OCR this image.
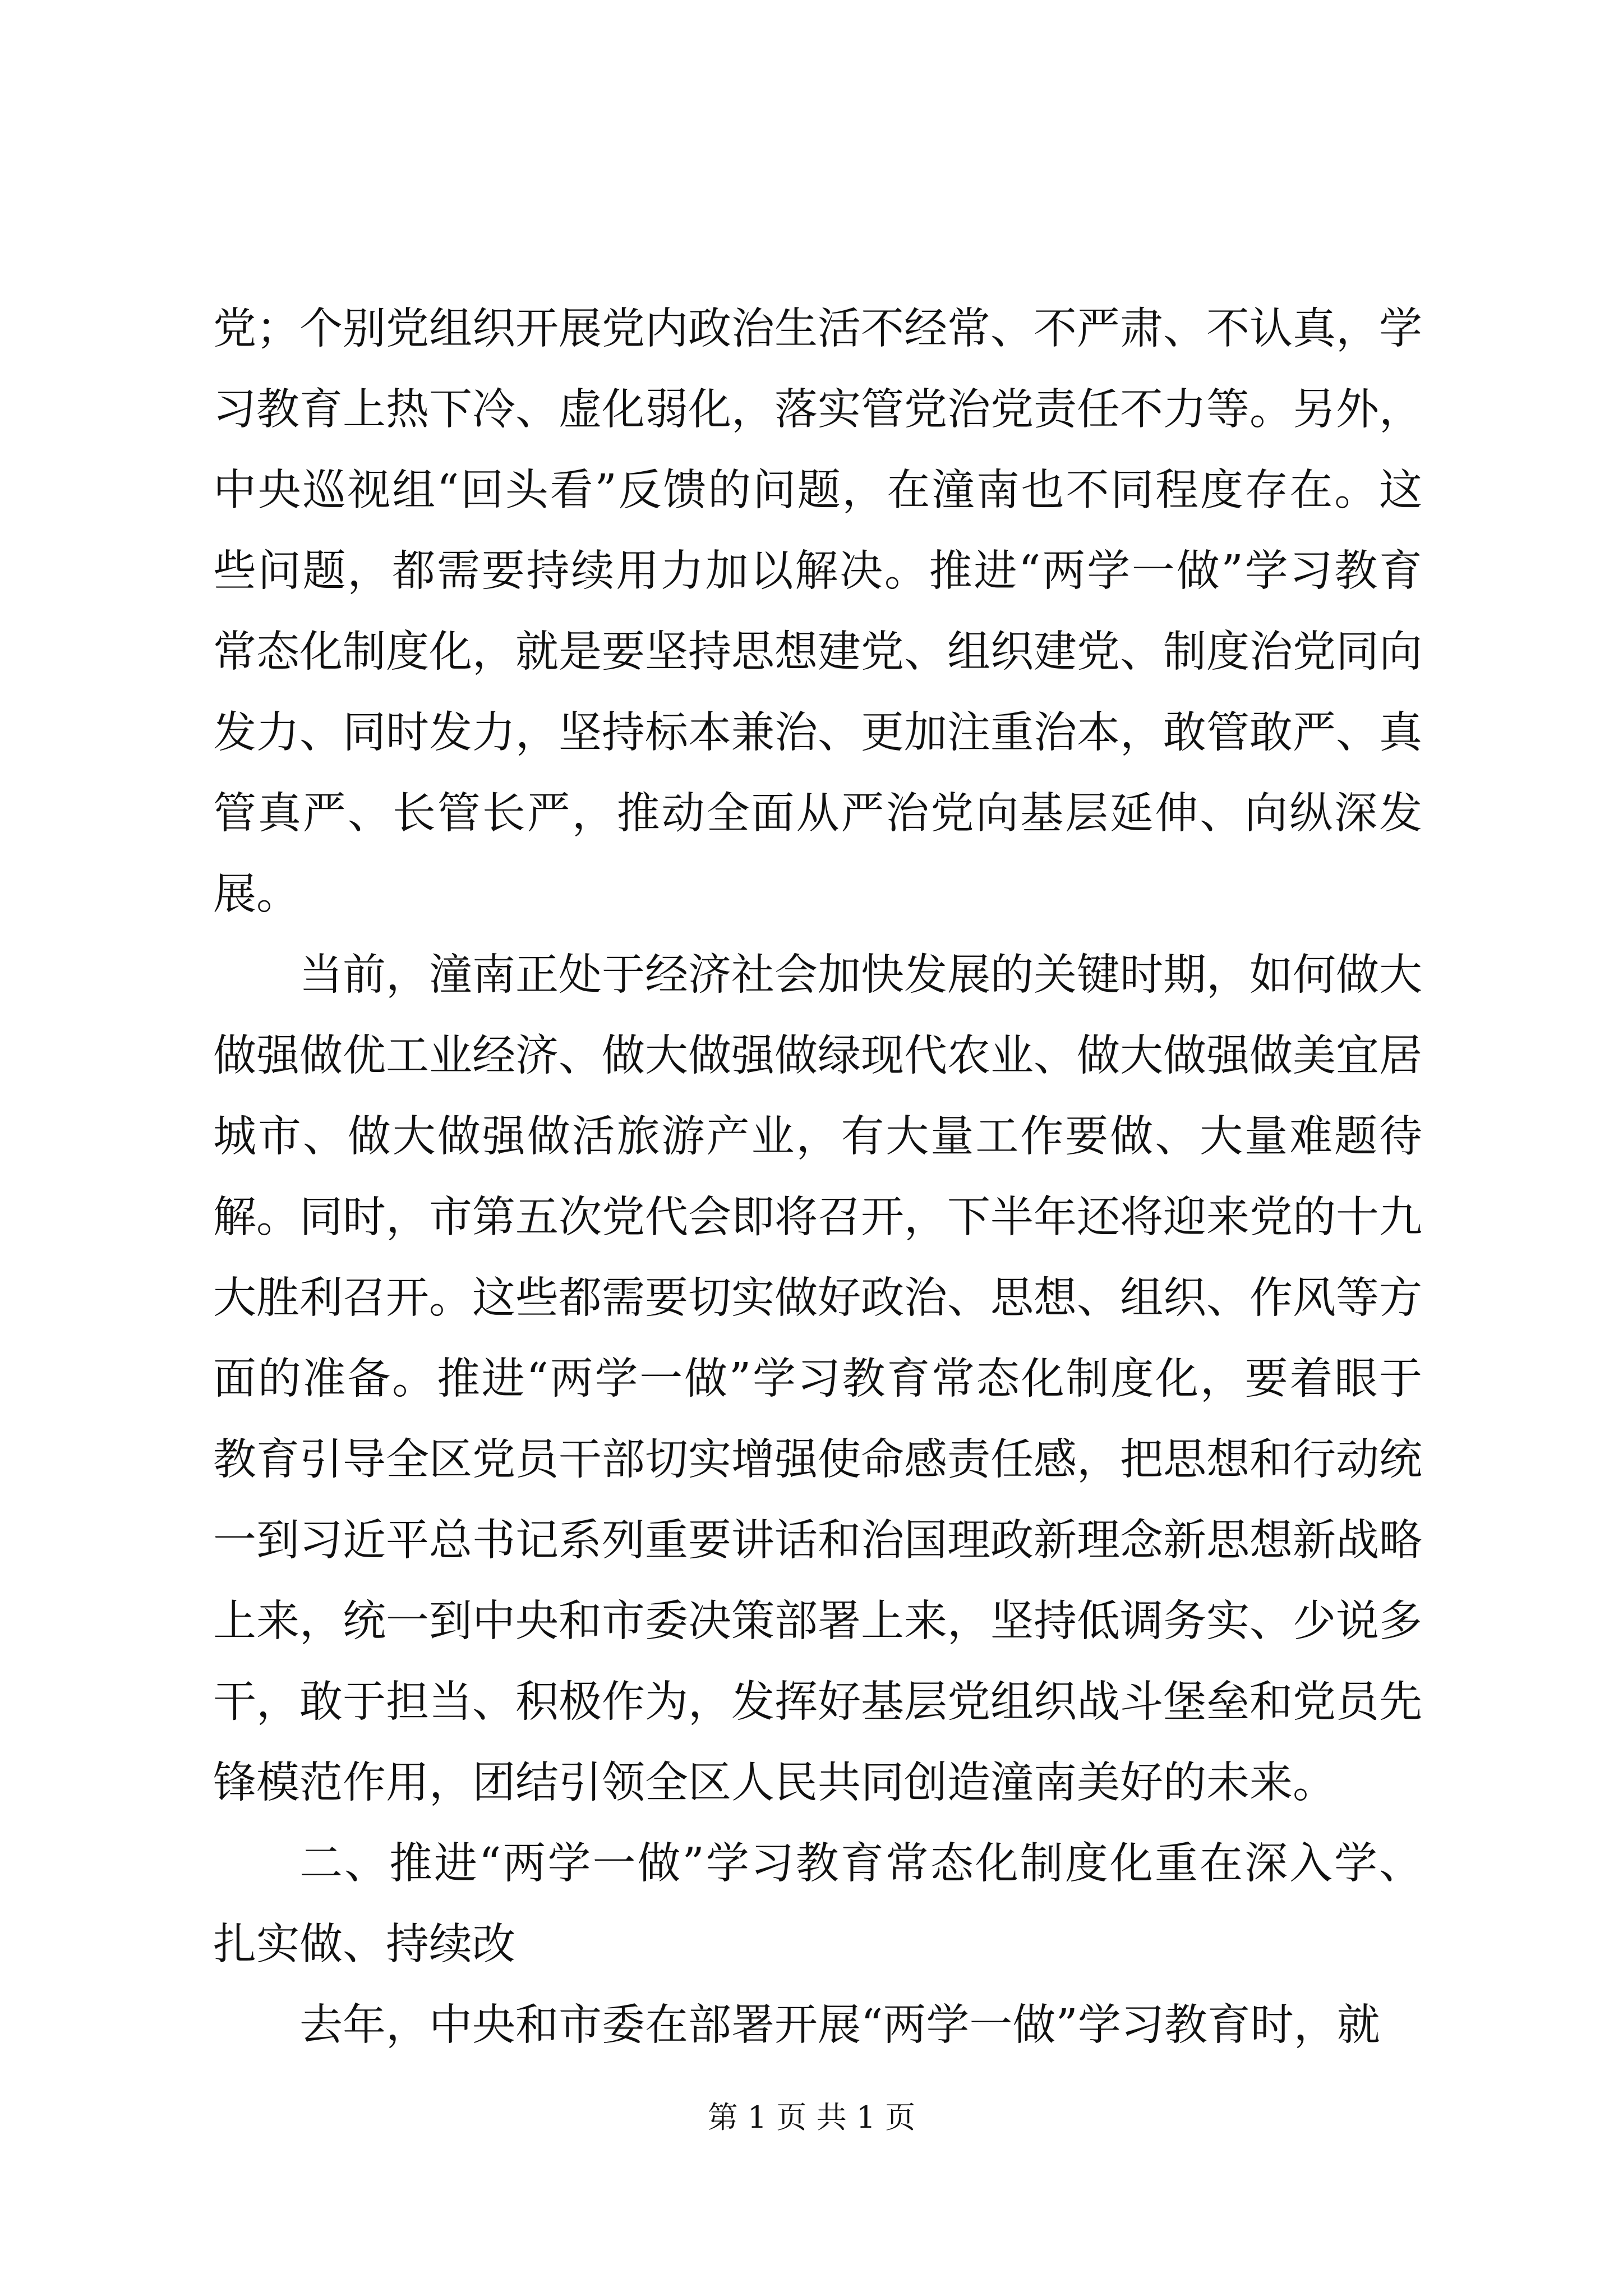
党；个别党组织开展党内政治生活不经常、不严肃、不认真，学习教育上热下冷、虚化弱化，落实管党治党责任不力等。另外，中央巡视组“回头看”反馈的问题，在潼南也不同程度存在。这些问题，都需要持续用力加以解决。推进“两学一做”学习教育常态化制度化，就是要坚持思想建党、组织建党、制度治党同向发力、同时发力，坚持标本兼治、更加注重治本，敢管敢严、真管真严、长管长严，推动全面从严治党向基层延伸、向纵深发展。

当前，潼南正处于经济社会加快发展的关键时期，如何做大做强做优工业经济、做大做强做绿现代农业、做大做强做美宜居城市、做大做强做活旅游产业，有大量工作要做、大量难题待解。同时，市第五次党代会即将召开，下半年还将迎来党的十九大胜利召开。这些都需要切实做好政治、思想、组织、作风等方面的准备。推进“两学一做”学习教育常态化制度化，要着眼于教育引导全区党员干部切实增强使命感责任感，把思想和行动统一到习近平总书记系列重要讲话和治国理政新理念新思想新战略上来，统一到中央和市委决策部署上来，坚持低调务实、少说多干，敢于担当、积极作为，发挥好基层党组织战斗堡垒和党员先锋模范作用，团结引领全区人民共同创造潼南美好的未来。

二、推进“两学一做”学习教育常态化制度化重在深入学、扎实做、持续改

去年，中央和市委在部署开展“两学一做”学习教育时，就

第 1 页 共 1 页
